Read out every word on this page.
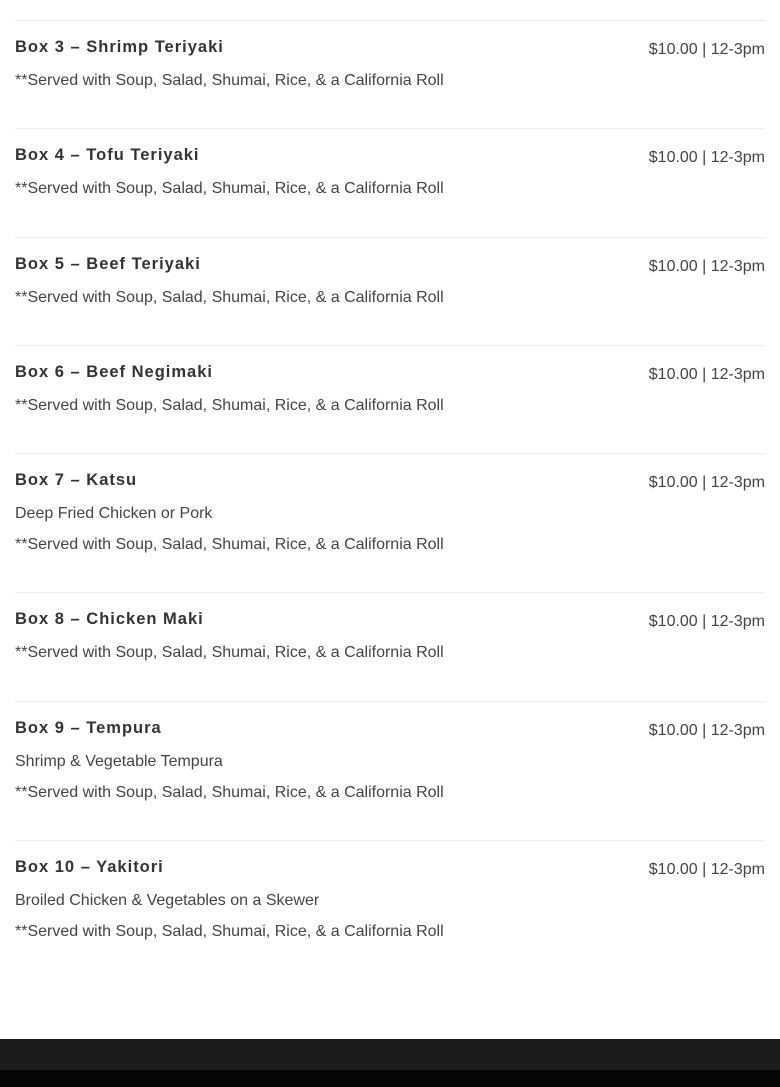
Box 3 – Shrimp Teriyaki	$10.00 | 12-3pm
**Served with Soup, Salad, Shumai, Rice, & a California Roll
Box 4 – Tofu Teriyaki	$10.00 | 12-3pm
**Served with Soup, Salad, Shumai, Rice, & a California Roll
Box 5 – Beef Teriyaki	$10.00 | 12-3pm
**Served with Soup, Salad, Shumai, Rice, & a California Roll
Box 6 – Beef Negimaki	$10.00 | 12-3pm
**Served with Soup, Salad, Shumai, Rice, & a California Roll
Box 7 – Katsu	$10.00 | 12-3pm
Deep Fried Chicken or Pork
**Served with Soup, Salad, Shumai, Rice, & a California Roll
Box 8 – Chicken Maki	$10.00 | 12-3pm
**Served with Soup, Salad, Shumai, Rice, & a California Roll
Box 9 – Tempura	$10.00 | 12-3pm
Shrimp & Vegetable Tempura
**Served with Soup, Salad, Shumai, Rice, & a California Roll
Box 10 – Yakitori	$10.00 | 12-3pm
Broiled Chicken & Vegetables on a Skewer
**Served with Soup, Salad, Shumai, Rice, & a California Roll
